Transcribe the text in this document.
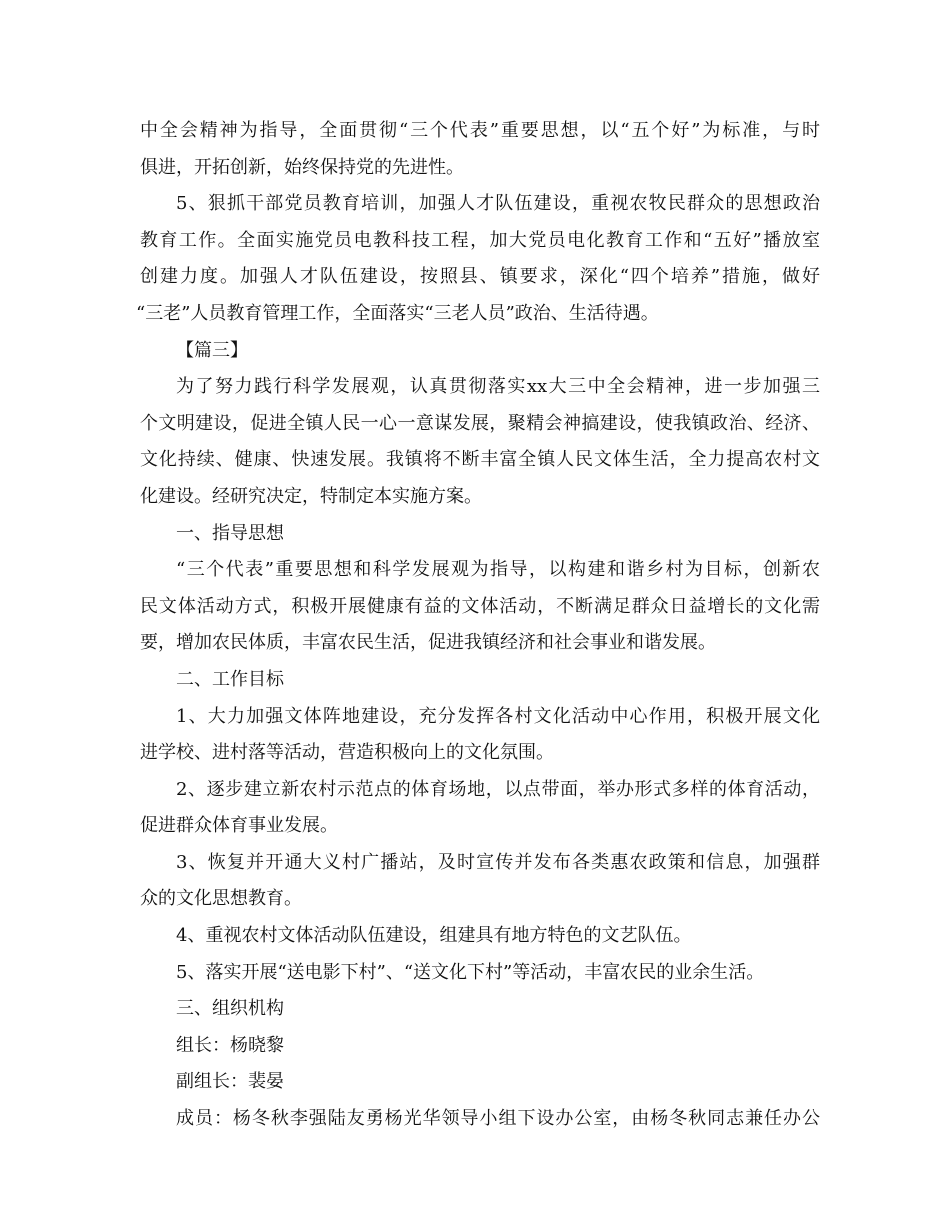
中全会精神为指导，全面贯彻“三个代表”重要思想，以“五个好”为标准，与时
俱进，开拓创新，始终保持党的先进性。
5、狠抓干部党员教育培训，加强人才队伍建设，重视农牧民群众的思想政治
教育工作。全面实施党员电教科技工程，加大党员电化教育工作和“五好”播放室
创建力度。加强人才队伍建设，按照县、镇要求，深化“四个培养”措施，做好
“三老”人员教育管理工作，全面落实“三老人员”政治、生活待遇。
【篇三】
为了努力践行科学发展观，认真贯彻落实xx大三中全会精神，进一步加强三
个文明建设，促进全镇人民一心一意谋发展，聚精会神搞建设，使我镇政治、经济、
文化持续、健康、快速发展。我镇将不断丰富全镇人民文体生活，全力提高农村文
化建设。经研究决定，特制定本实施方案。
一、指导思想
“三个代表”重要思想和科学发展观为指导，以构建和谐乡村为目标，创新农
民文体活动方式，积极开展健康有益的文体活动，不断满足群众日益增长的文化需
要，增加农民体质，丰富农民生活，促进我镇经济和社会事业和谐发展。
二、工作目标
1、大力加强文体阵地建设，充分发挥各村文化活动中心作用，积极开展文化
进学校、进村落等活动，营造积极向上的文化氛围。
2、逐步建立新农村示范点的体育场地，以点带面，举办形式多样的体育活动，
促进群众体育事业发展。
3、恢复并开通大义村广播站，及时宣传并发布各类惠农政策和信息，加强群
众的文化思想教育。
4、重视农村文体活动队伍建设，组建具有地方特色的文艺队伍。
5、落实开展“送电影下村”、“送文化下村”等活动，丰富农民的业余生活。
三、组织机构
组长：杨晓黎
副组长：裴晏
成员：杨冬秋李强陆友勇杨光华领导小组下设办公室，由杨冬秋同志兼任办公
